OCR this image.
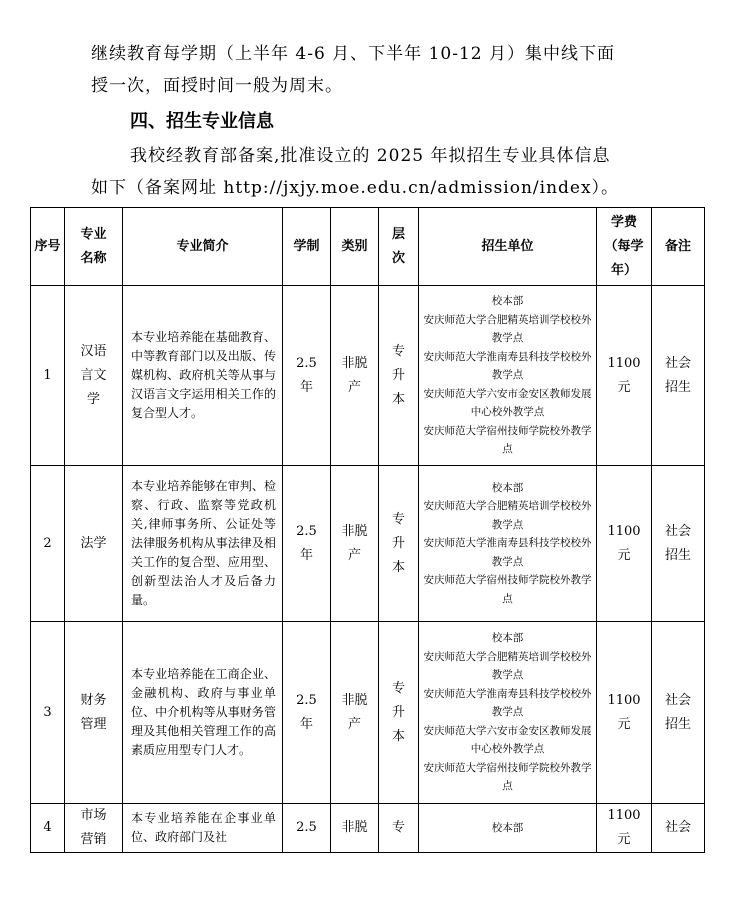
继续教育每学期（上半年 4-6 月、下半年 10-12 月）集中线下面
授一次，面授时间一般为周末。
四、招生专业信息
我校经教育部备案,批准设立的 2025 年拟招生专业具体信息
如下（备案网址 http://jxjy.moe.edu.cn/admission/index）。
序号	专业名称	专业简介	学制	类别	层次	招生单位	学费（每学年）	备注
1	汉语言文学	本专业培养能在基础教育、中等教育部门以及出版、传媒机构、政府机关等从事与汉语言文字运用相关工作的复合型人才。	2.5年	非脱产	专升本	校本部
安庆师范大学合肥精英培训学校校外教学点
安庆师范大学淮南寿县科技学校校外教学点
安庆师范大学六安市金安区教师发展中心校外教学点
安庆师范大学宿州技师学院校外教学点	1100元	社会招生
2	法学	本专业培养能够在审判、检察、行政、监察等党政机关,律师事务所、公证处等法律服务机构从事法律及相关工作的复合型、应用型、创新型法治人才及后备力量。	2.5年	非脱产	专升本	校本部
安庆师范大学合肥精英培训学校校外教学点
安庆师范大学淮南寿县科技学校校外教学点
安庆师范大学宿州技师学院校外教学点	1100元	社会招生
3	财务管理	本专业培养能在工商企业、金融机构、政府与事业单位、中介机构等从事财务管理及其他相关管理工作的高素质应用型专门人才。	2.5年	非脱产	专升本	校本部
安庆师范大学合肥精英培训学校校外教学点
安庆师范大学淮南寿县科技学校校外教学点
安庆师范大学六安市金安区教师发展中心校外教学点
安庆师范大学宿州技师学院校外教学点	1100元	社会招生
4	市场营销	本专业培养能在企事业单位、政府部门及社	2.5	非脱	专	校本部	1100元	社会
